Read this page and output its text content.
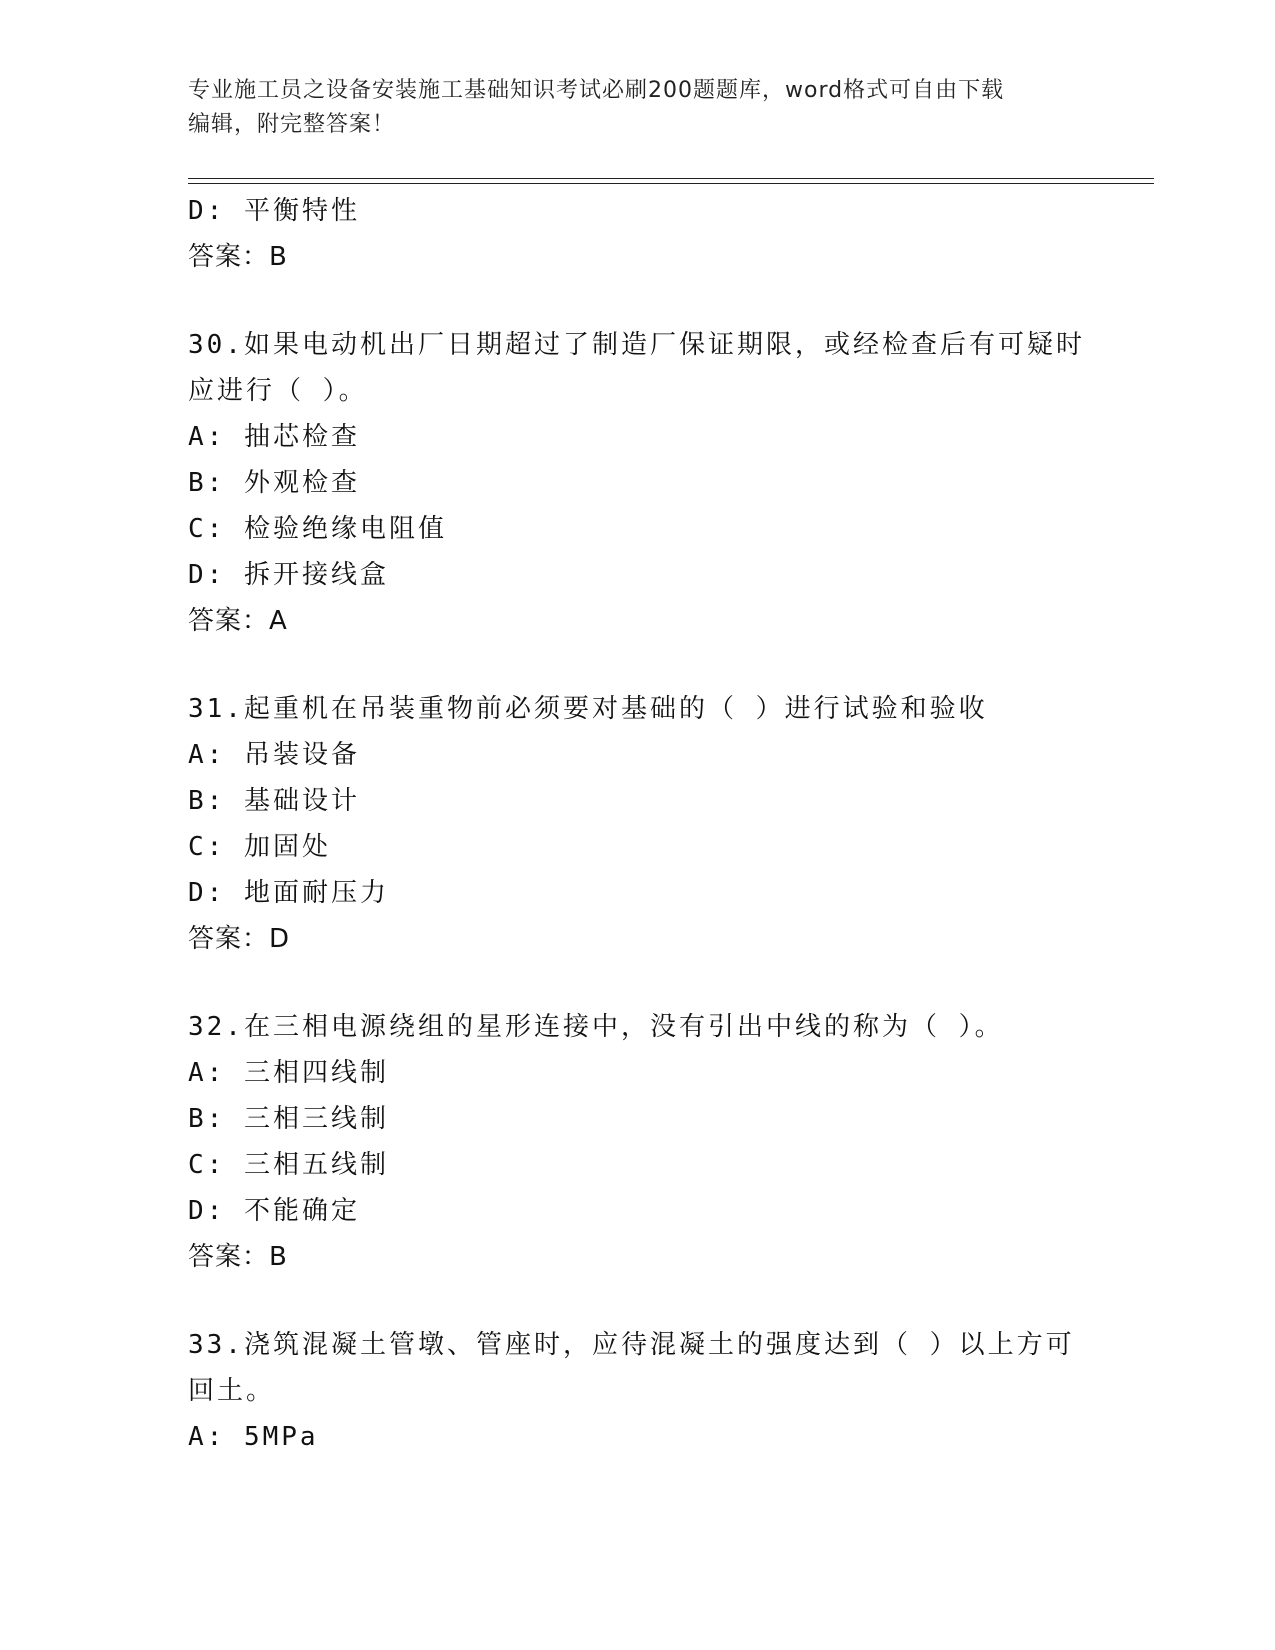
专业施工员之设备安装施工基础知识考试必刷200题题库，word格式可自由下载
编辑，附完整答案！
D: 平衡特性
答案：B
30.如果电动机出厂日期超过了制造厂保证期限，或经检查后有可疑时
应进行（ ）。
A: 抽芯检查
B: 外观检查
C: 检验绝缘电阻值
D: 拆开接线盒
答案：A
31.起重机在吊装重物前必须要对基础的（ ）进行试验和验收
A: 吊装设备
B: 基础设计
C: 加固处
D: 地面耐压力
答案：D
32.在三相电源绕组的星形连接中，没有引出中线的称为（ ）。
A: 三相四线制
B: 三相三线制
C: 三相五线制
D: 不能确定
答案：B
33.浇筑混凝土管墩、管座时，应待混凝土的强度达到（ ）以上方可
回土。
A: 5MPa
